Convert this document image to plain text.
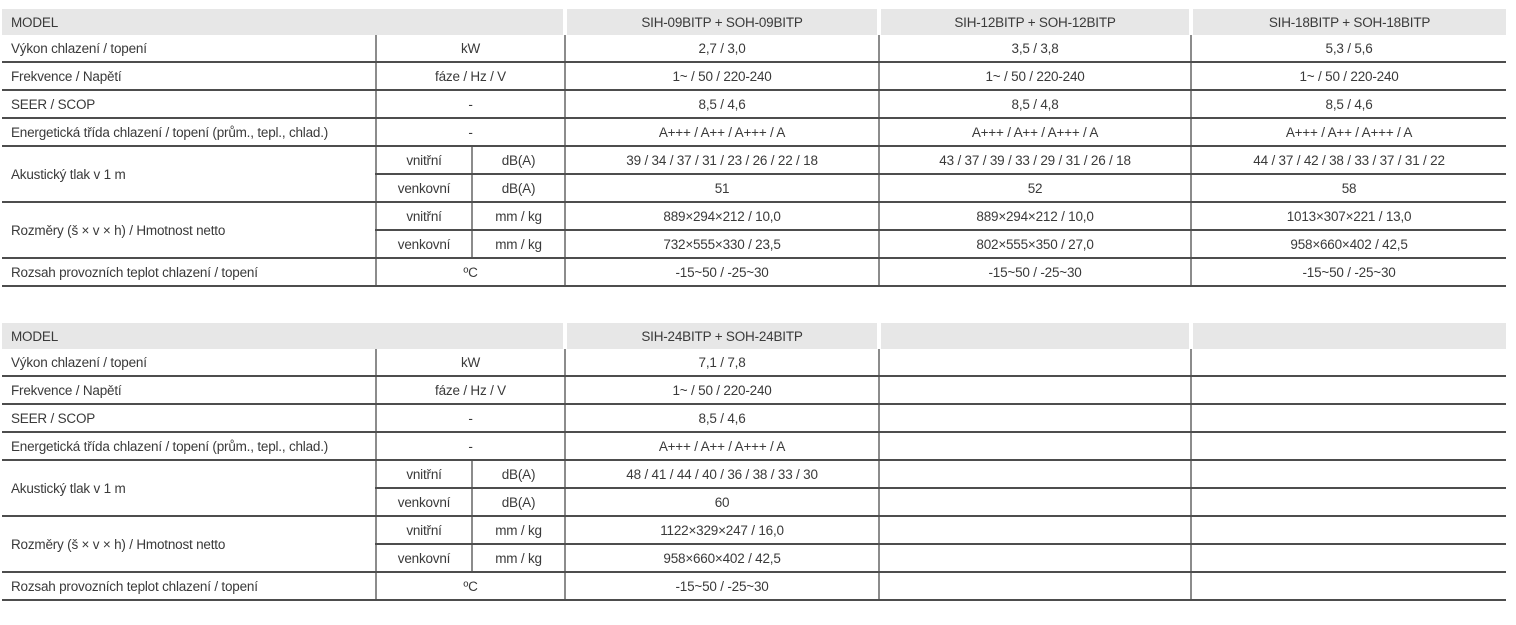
MODEL			SIH-09BITP + SOH-09BITP	SIH-12BITP + SOH-12BITP	SIH-18BITP + SOH-18BITP
Výkon chlazení / topení	kW		2,7 / 3,0	3,5 / 3,8	5,3 / 5,6
Frekvence / Napětí	fáze / Hz / V		1~ / 50 / 220-240	1~ / 50 / 220-240	1~ / 50 / 220-240
SEER / SCOP	-		8,5 / 4,6	8,5 / 4,8	8,5 / 4,6
Energetická třída chlazení / topení (prům., tepl., chlad.)	-		A+++ / A++ / A+++ / A	A+++ / A++ / A+++ / A	A+++ / A++ / A+++ / A
Akustický tlak v 1 m	vnitřní	dB(A)	39 / 34 / 37 / 31 / 23 / 26 / 22 / 18	43 / 37 / 39 / 33 / 29 / 31 / 26 / 18	44 / 37 / 42 / 38 / 33 / 37 / 31 / 22
	venkovní	dB(A)	51	52	58
Rozměry (š × v × h) / Hmotnost netto	vnitřní	mm / kg	889×294×212 / 10,0	889×294×212 / 10,0	1013×307×221 / 13,0
	venkovní	mm / kg	732×555×330 / 23,5	802×555×350 / 27,0	958×660×402 / 42,5
Rozsah provozních teplot chlazení / topení	ºC		-15~50 / -25~30	-15~50 / -25~30	-15~50 / -25~30
MODEL			SIH-24BITP + SOH-24BITP		
Výkon chlazení / topení	kW		7,1 / 7,8		
Frekvence / Napětí	fáze / Hz / V		1~ / 50 / 220-240		
SEER / SCOP	-		8,5 / 4,6		
Energetická třída chlazení / topení (prům., tepl., chlad.)	-		A+++ / A++ / A+++ / A		
Akustický tlak v 1 m	vnitřní	dB(A)	48 / 41 / 44 / 40 / 36 / 38 / 33 / 30		
	venkovní	dB(A)	60		
Rozměry (š × v × h) / Hmotnost netto	vnitřní	mm / kg	1122×329×247 / 16,0		
	venkovní	mm / kg	958×660×402 / 42,5		
Rozsah provozních teplot chlazení / topení	ºC		-15~50 / -25~30		
